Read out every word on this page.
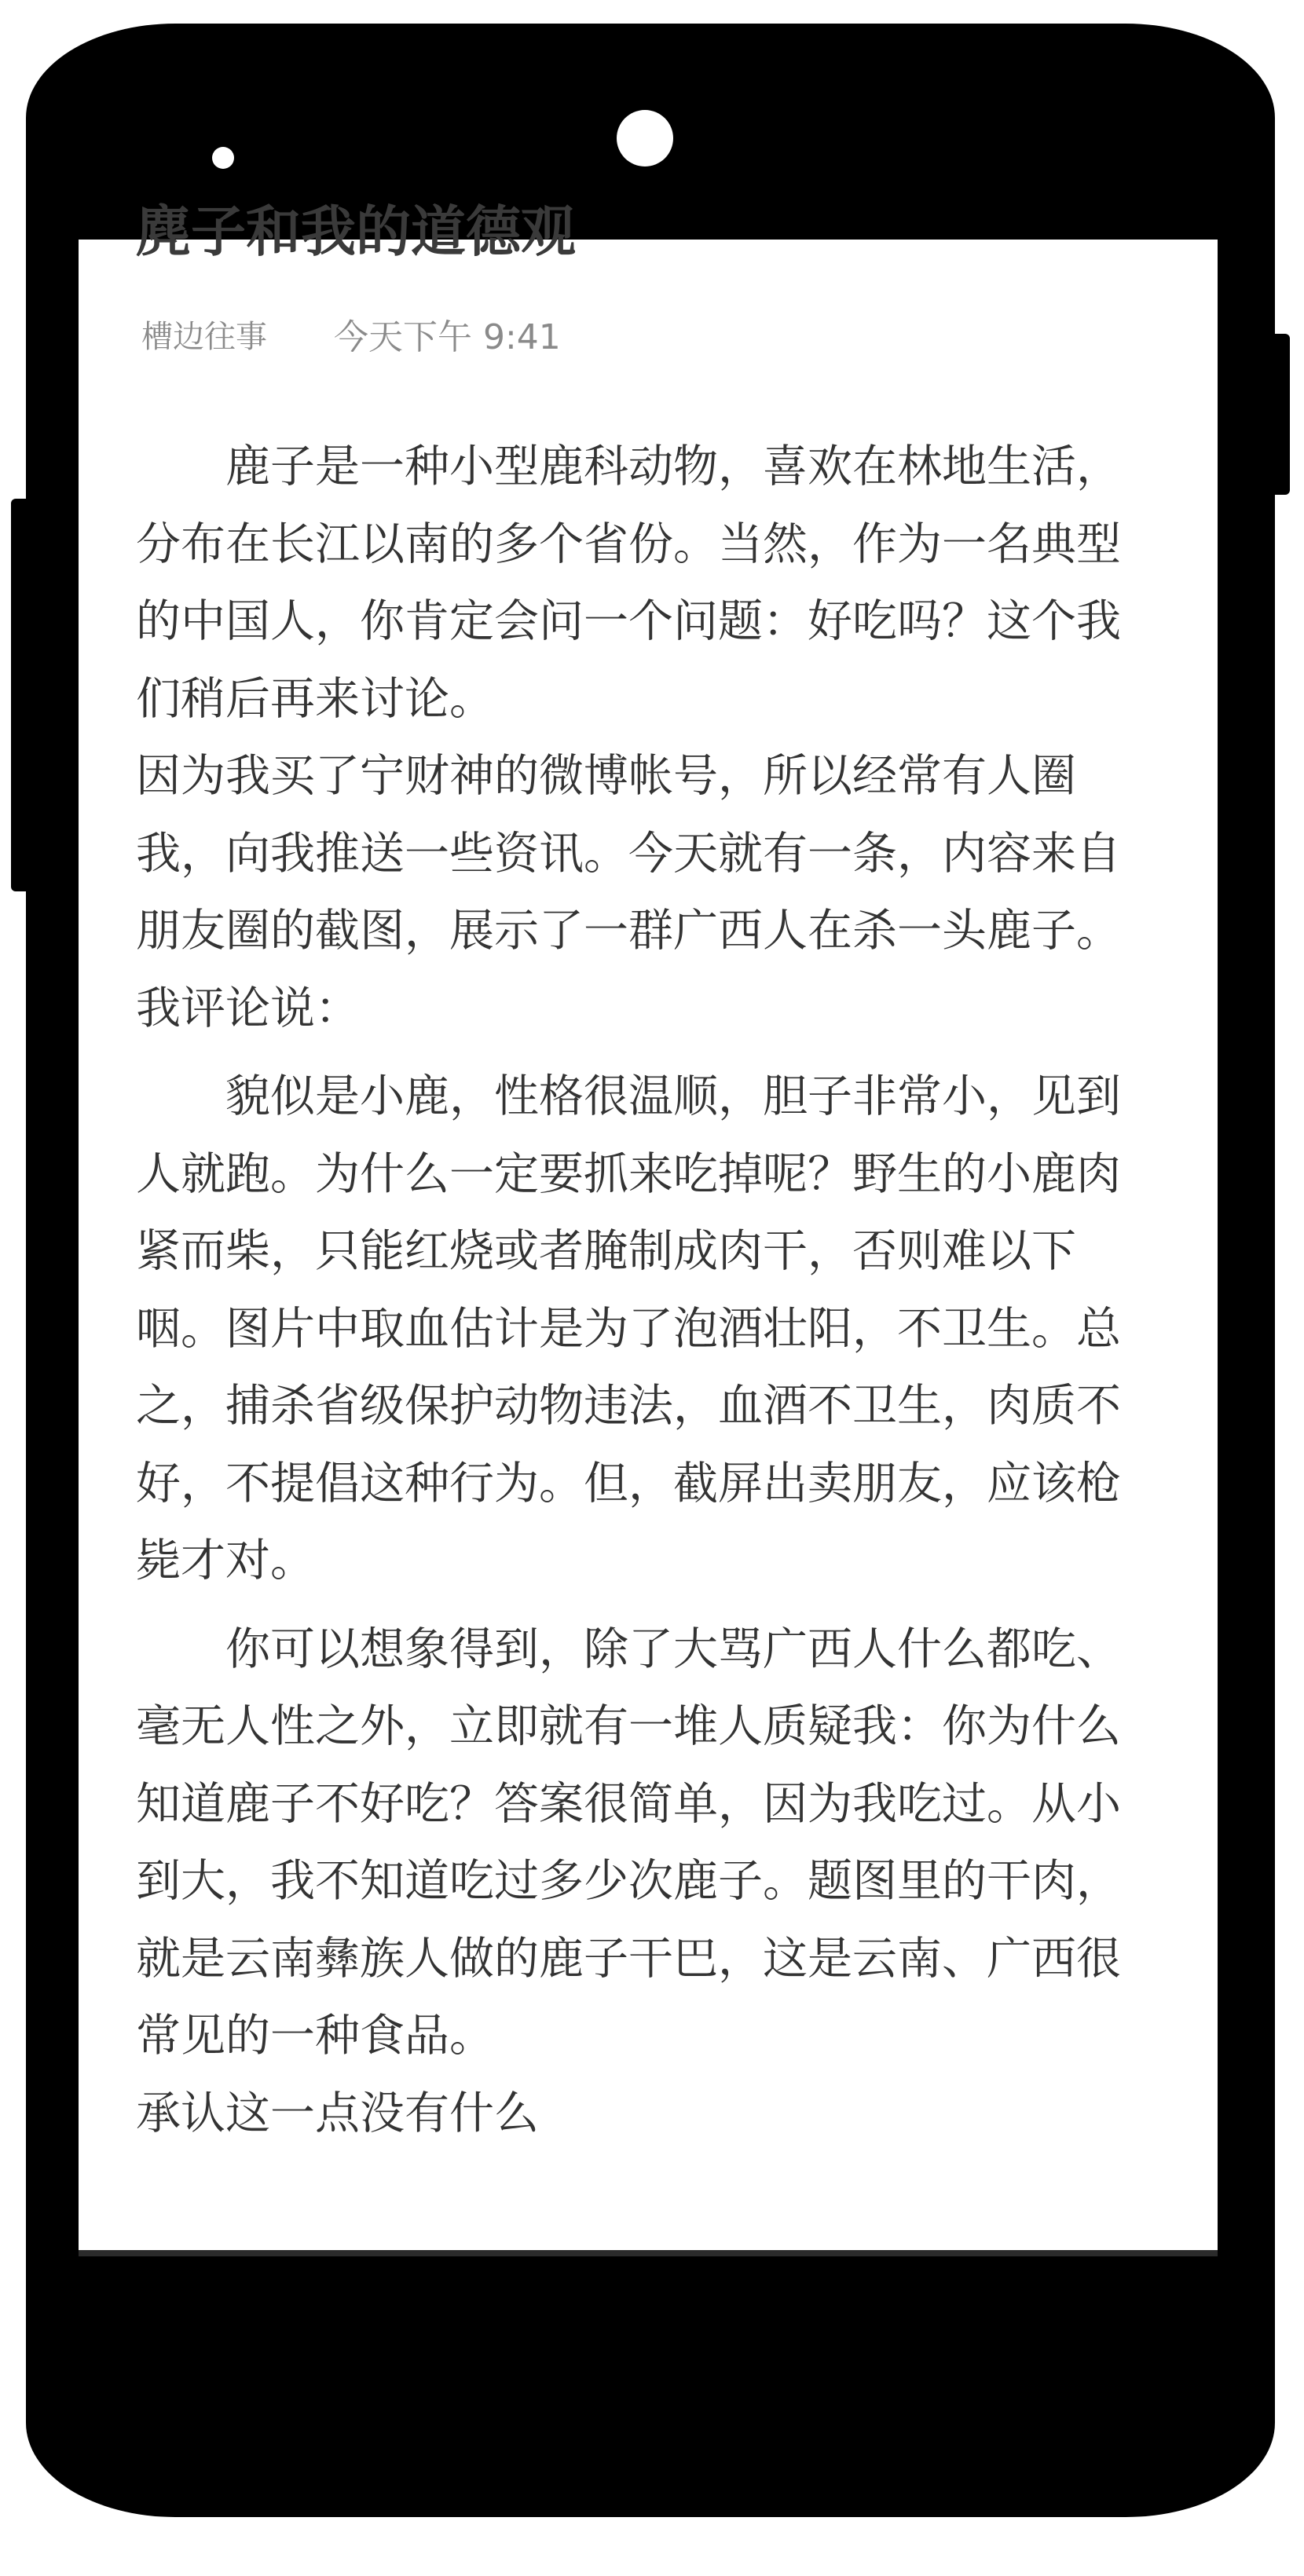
麂子和我的道德观
槽边往事 今天下午 9:41

鹿子是一种小型鹿科动物，喜欢在林地生活，分布在长江以南的多个省份。当然，作为一名典型的中国人，你肯定会问一个问题：好吃吗？这个我们稍后再来讨论。

因为我买了宁财神的微博帐号，所以经常有人圈我，向我推送一些资讯。今天就有一条，内容来自朋友圈的截图，展示了一群广西人在杀一头鹿子。我评论说：

貌似是小鹿，性格很温顺，胆子非常小，见到人就跑。为什么一定要抓来吃掉呢？野生的小鹿肉紧而柴，只能红烧或者腌制成肉干，否则难以下咽。图片中取血估计是为了泡酒壮阳，不卫生。总之，捕杀省级保护动物违法，血酒不卫生，肉质不好，不提倡这种行为。但，截屏出卖朋友，应该枪毙才对。

你可以想象得到，除了大骂广西人什么都吃、毫无人性之外，立即就有一堆人质疑我：你为什么知道鹿子不好吃？答案很简单，因为我吃过。从小到大，我不知道吃过多少次鹿子。题图里的干肉，就是云南彝族人做的鹿子干巴，这是云南、广西很常见的一种食品。

承认这一点没有什么
